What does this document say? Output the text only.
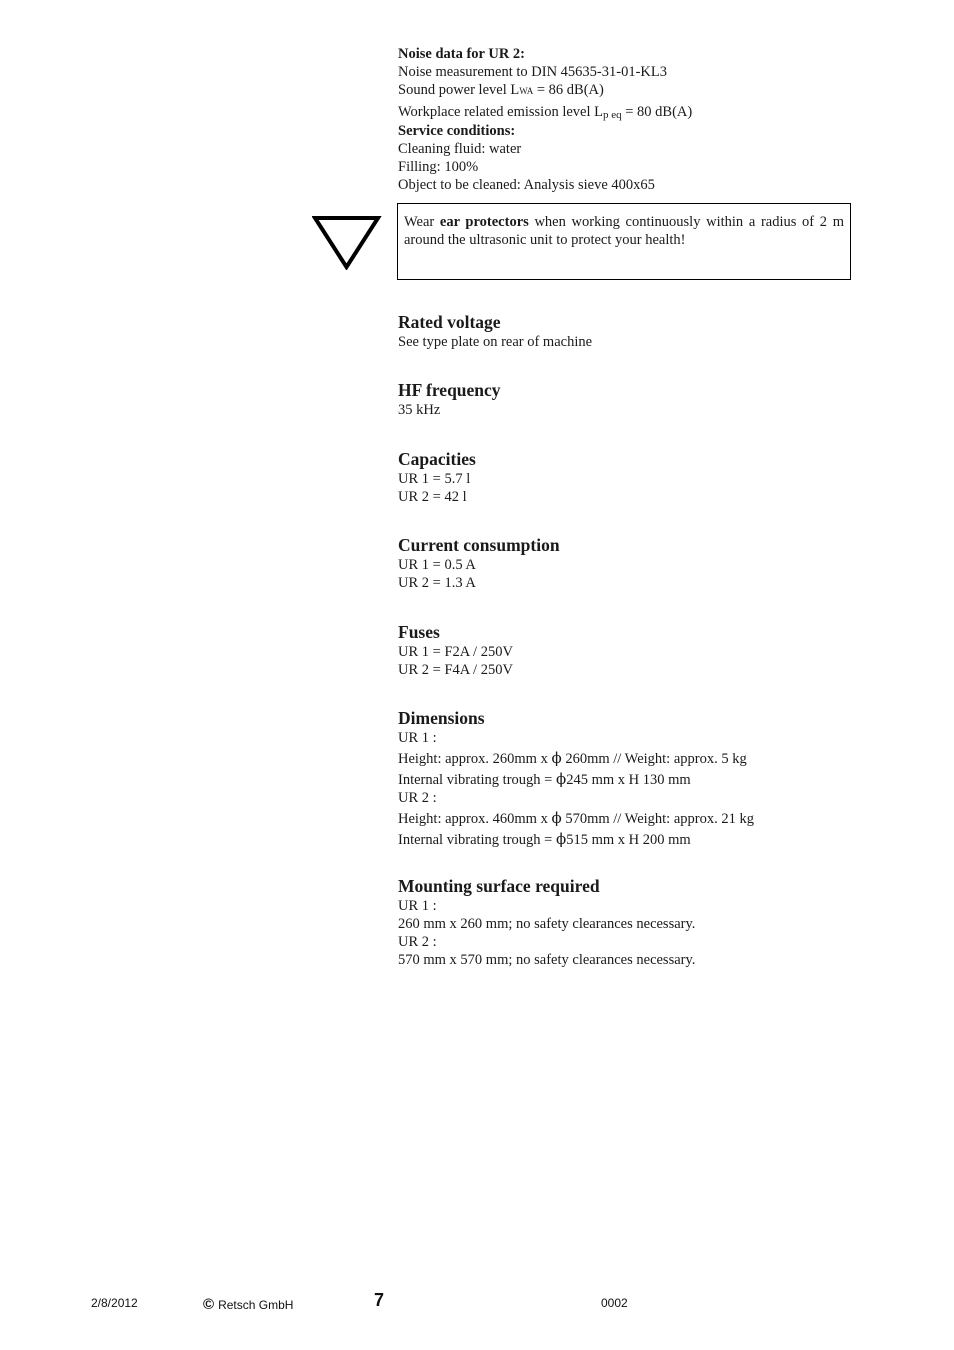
Noise data for UR 2:
Noise measurement to DIN 45635-31-01-KL3
Sound power level LWA = 86 dB(A)
Workplace related emission level Lp eq = 80 dB(A)
Service conditions:
Cleaning fluid: water
Filling: 100%
Object to be cleaned: Analysis sieve 400x65
Wear ear protectors when working continuously within a radius of 2 m around the ultrasonic unit to protect your health!
Rated voltage
See type plate on rear of machine
HF frequency
35 kHz
Capacities
UR 1 = 5.7 l
UR 2 = 42 l
Current consumption
UR 1 = 0.5 A
UR 2 = 1.3 A
Fuses
UR 1 = F2A / 250V
UR 2 = F4A / 250V
Dimensions
UR 1 :
Height: approx. 260mm x ϕ 260mm // Weight: approx. 5 kg
Internal vibrating trough = ϕ245 mm x H 130 mm
UR 2 :
Height: approx. 460mm x ϕ 570mm // Weight: approx. 21 kg
Internal vibrating trough = ϕ515 mm x H 200 mm
Mounting surface required
UR 1 :
260 mm x 260 mm; no safety clearances necessary.
UR 2 :
570 mm x 570 mm; no safety clearances necessary.
2/8/2012	© Retsch GmbH	7	0002
